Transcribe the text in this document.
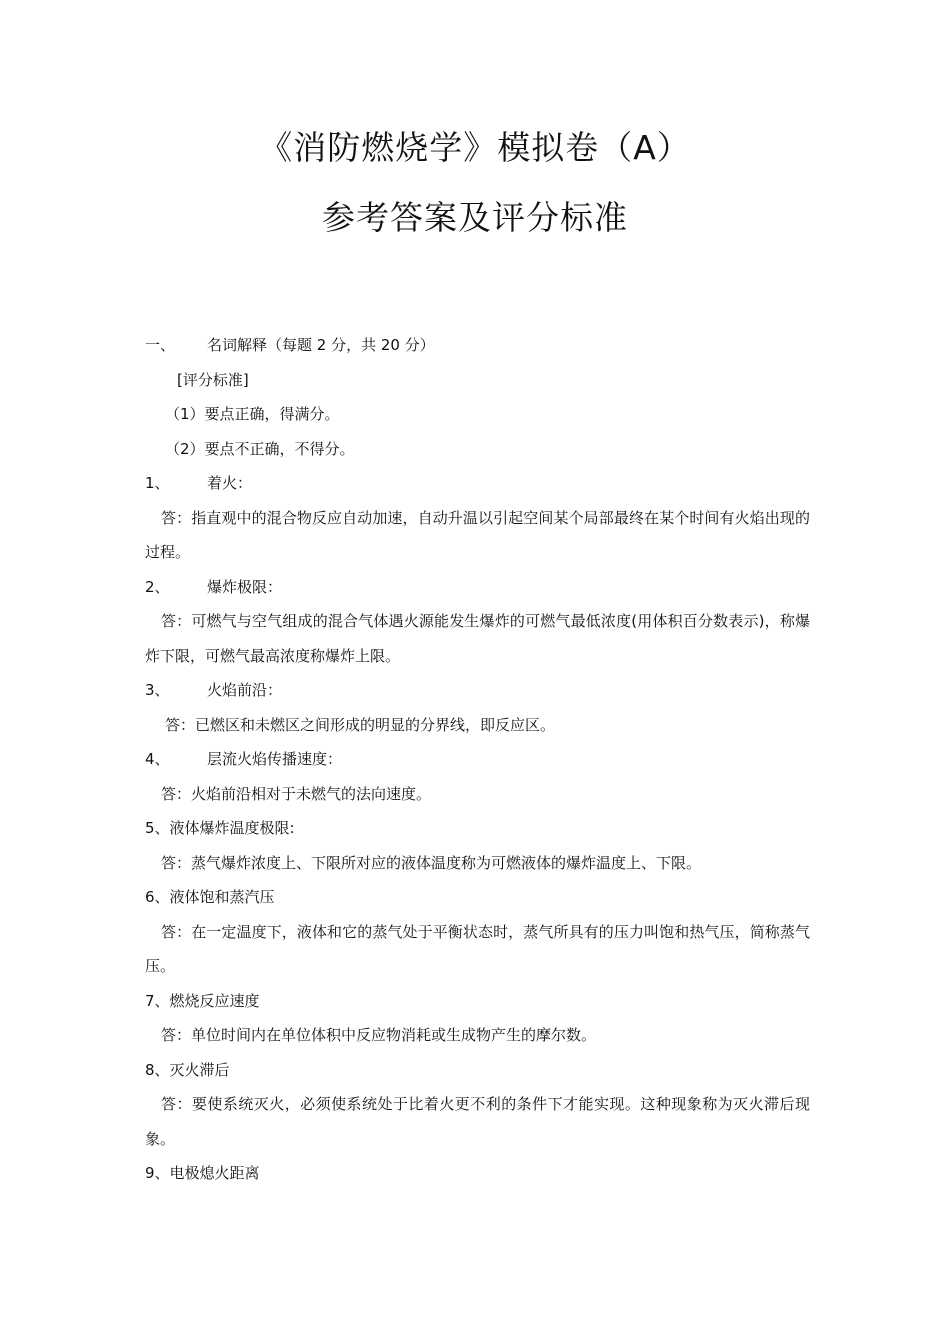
《消防燃烧学》模拟卷（A）
参考答案及评分标准

一、 名词解释（每题 2 分，共 20 分）

[评分标准]

（1）要点正确，得满分。

（2）要点不正确，不得分。

1、 着火：

答：指直观中的混合物反应自动加速，自动升温以引起空间某个局部最终在某个时间有火焰出现的过程。

2、 爆炸极限：

答：可燃气与空气组成的混合气体遇火源能发生爆炸的可燃气最低浓度(用体积百分数表示)，称爆炸下限，可燃气最高浓度称爆炸上限。

3、 火焰前沿：

答：已燃区和未燃区之间形成的明显的分界线，即反应区。

4、 层流火焰传播速度：

答：火焰前沿相对于未燃气的法向速度。

5、液体爆炸温度极限:

答：蒸气爆炸浓度上、下限所对应的液体温度称为可燃液体的爆炸温度上、下限。

6、液体饱和蒸汽压

答：在一定温度下，液体和它的蒸气处于平衡状态时，蒸气所具有的压力叫饱和热气压，简称蒸气压。

7、燃烧反应速度

答：单位时间内在单位体积中反应物消耗或生成物产生的摩尔数。

8、灭火滞后

答：要使系统灭火，必须使系统处于比着火更不利的条件下才能实现。这种现象称为灭火滞后现象。

9、电极熄火距离
